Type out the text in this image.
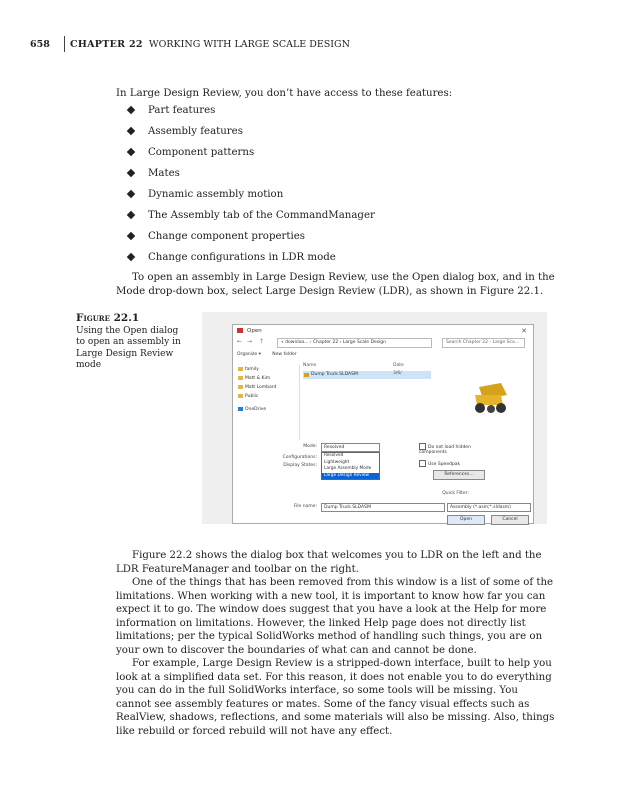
658 CHAPTER 22 WORKING WITH LARGE SCALE DESIGN

In Large Design Review, you don’t have access to these features:

Part features
Assembly features
Component patterns
Mates
Dynamic assembly motion
The Assembly tab of the CommandManager
Change component properties
Change configurations in LDR mode

To open an assembly in Large Design Review, use the Open dialog box, and in the Mode drop-down box, select Large Design Review (LDR), as shown in Figure 22.1.

Figure 22.1
Using the Open dialog to open an assembly in Large Design Review mode
Open	✕
← → ↑	« downloa... › Chapter 22 › Large Scale Design	Search Chapter 22 - Large Sca...
Organize ▾	New folder
family
Matt & Kim
Matt Lombard
Public
OneDrive
Name
Dump Truck.SLDASM
Date
3/6/
Mode:	Resolved
Resolved
Lightweight
Large Assembly Mode
Large Design Review
Configurations:
Display States:
Do not load hidden components
Use Speedpak
References...
Quick Filter:
File name:	Dump Truck.SLDASM	Assembly (*.asm;*.sldasm)
Open	Cancel

Figure 22.2 shows the dialog box that welcomes you to LDR on the left and the LDR FeatureManager and toolbar on the right.

One of the things that has been removed from this window is a list of some of the limitations. When working with a new tool, it is important to know how far you can expect it to go. The window does suggest that you have a look at the Help for more information on limitations. However, the linked Help page does not directly list limitations; per the typical SolidWorks method of handling such things, you are on your own to discover the boundaries of what can and cannot be done.

For example, Large Design Review is a stripped-down interface, built to help you look at a simplified data set. For this reason, it does not enable you to do everything you can do in the full SolidWorks interface, so some tools will be missing. You cannot see assembly features or mates. Some of the fancy visual effects such as RealView, shadows, reflections, and some materials will also be missing. Also, things like rebuild or forced rebuild will not have any effect.
